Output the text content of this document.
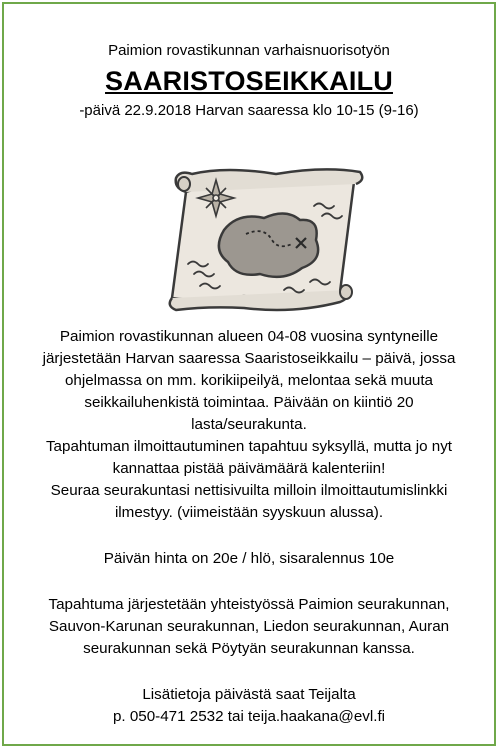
Paimion rovastikunnan varhaisnuorisotyön
SAARISTOSEIKKAILU
-päivä 22.9.2018 Harvan saaressa klo 10-15 (9-16)
Paimion rovastikunnan alueen 04-08 vuosina syntyneille
järjestetään Harvan saaressa Saaristoseikkailu – päivä, jossa
ohjelmassa on mm. korikiipeilyä, melontaa sekä muuta
seikkailuhenkistä toimintaa. Päivään on kiintiö 20
lasta/seurakunta.
Tapahtuman ilmoittautuminen tapahtuu syksyllä, mutta jo nyt
kannattaa pistää päivämäärä kalenteriin!
Seuraa seurakuntasi nettisivuilta milloin ilmoittautumislinkki
ilmestyy. (viimeistään syyskuun alussa).
Päivän hinta on 20e / hlö, sisaralennus 10e
Tapahtuma järjestetään yhteistyössä Paimion seurakunnan,
Sauvon-Karunan seurakunnan, Liedon seurakunnan, Auran
seurakunnan sekä Pöytyän seurakunnan kanssa.
Lisätietoja päivästä saat Teijalta
p. 050-471 2532 tai teija.haakana@evl.fi
